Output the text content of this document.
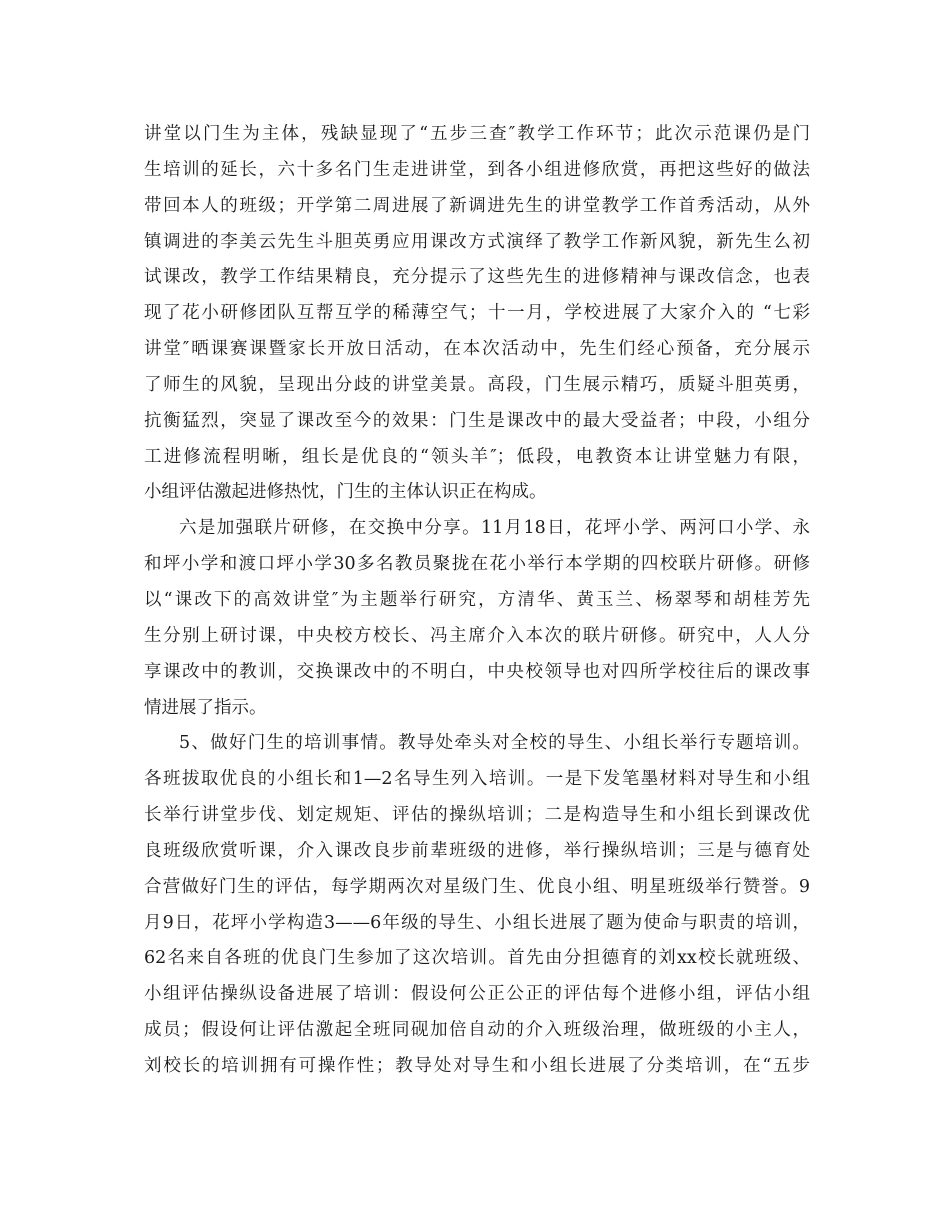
讲堂以门生为主体，残缺显现了“五步三查″教学工作环节；此次示范课仍是门
生培训的延长，六十多名门生走进讲堂，到各小组进修欣赏，再把这些好的做法
带回本人的班级；开学第二周进展了新调进先生的讲堂教学工作首秀活动，从外
镇调进的李美云先生斗胆英勇应用课改方式演绎了教学工作新风貌，新先生么初
试课改，教学工作结果精良，充分提示了这些先生的进修精神与课改信念，也表
现了花小研修团队互帮互学的稀薄空气；十一月，学校进展了大家介入的 “七彩
讲堂″晒课赛课暨家长开放日活动，在本次活动中，先生们经心预备，充分展示
了师生的风貌，呈现出分歧的讲堂美景。高段，门生展示精巧，质疑斗胆英勇，
抗衡猛烈，突显了课改至今的效果：门生是课改中的最大受益者；中段，小组分
工进修流程明晰，组长是优良的“领头羊″；低段，电教资本让讲堂魅力有限，
小组评估激起进修热忱，门生的主体认识正在构成。
六是加强联片研修，在交换中分享。11月18日，花坪小学、两河口小学、永
和坪小学和渡口坪小学30多名教员聚拢在花小举行本学期的四校联片研修。研修
以“课改下的高效讲堂″为主题举行研究，方清华、黄玉兰、杨翠琴和胡桂芳先
生分别上研讨课，中央校方校长、冯主席介入本次的联片研修。研究中，人人分
享课改中的教训，交换课改中的不明白，中央校领导也对四所学校往后的课改事
情进展了指示。
5、做好门生的培训事情。教导处牵头对全校的导生、小组长举行专题培训。
各班拔取优良的小组长和1—2名导生列入培训。一是下发笔墨材料对导生和小组
长举行讲堂步伐、划定规矩、评估的操纵培训；二是构造导生和小组长到课改优
良班级欣赏听课，介入课改良步前辈班级的进修，举行操纵培训；三是与德育处
合营做好门生的评估，每学期两次对星级门生、优良小组、明星班级举行赞誉。9
月9日，花坪小学构造3——6年级的导生、小组长进展了题为使命与职责的培训，
62名来自各班的优良门生参加了这次培训。首先由分担德育的刘xx校长就班级、
小组评估操纵设备进展了培训：假设何公正公正的评估每个进修小组，评估小组
成员；假设何让评估激起全班同砚加倍自动的介入班级治理，做班级的小主人，
刘校长的培训拥有可操作性；教导处对导生和小组长进展了分类培训，在“五步
